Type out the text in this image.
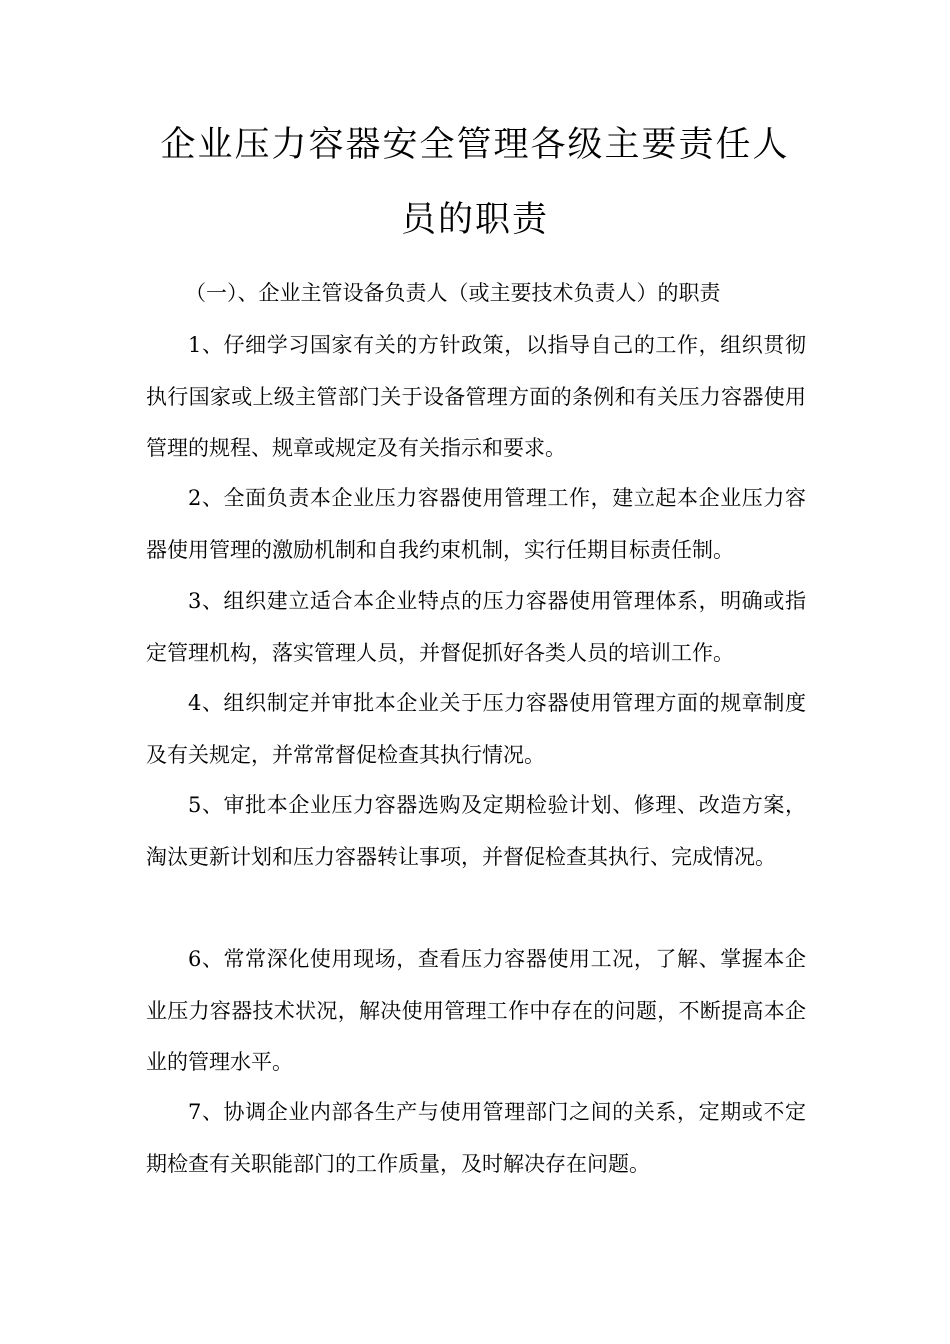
企业压力容器安全管理各级主要责任人
员的职责

（一）、企业主管设备负责人（或主要技术负责人）的职责

1、仔细学习国家有关的方针政策，以指导自己的工作，组织贯彻执行国家或上级主管部门关于设备管理方面的条例和有关压力容器使用管理的规程、规章或规定及有关指示和要求。

2、全面负责本企业压力容器使用管理工作，建立起本企业压力容器使用管理的激励机制和自我约束机制，实行任期目标责任制。

3、组织建立适合本企业特点的压力容器使用管理体系，明确或指定管理机构，落实管理人员，并督促抓好各类人员的培训工作。

4、组织制定并审批本企业关于压力容器使用管理方面的规章制度及有关规定，并常常督促检查其执行情况。

5、审批本企业压力容器选购及定期检验计划、修理、改造方案，淘汰更新计划和压力容器转让事项，并督促检查其执行、完成情况。

6、常常深化使用现场，查看压力容器使用工况，了解、掌握本企业压力容器技术状况，解决使用管理工作中存在的问题，不断提高本企业的管理水平。

7、协调企业内部各生产与使用管理部门之间的关系，定期或不定期检查有关职能部门的工作质量，及时解决存在问题。
